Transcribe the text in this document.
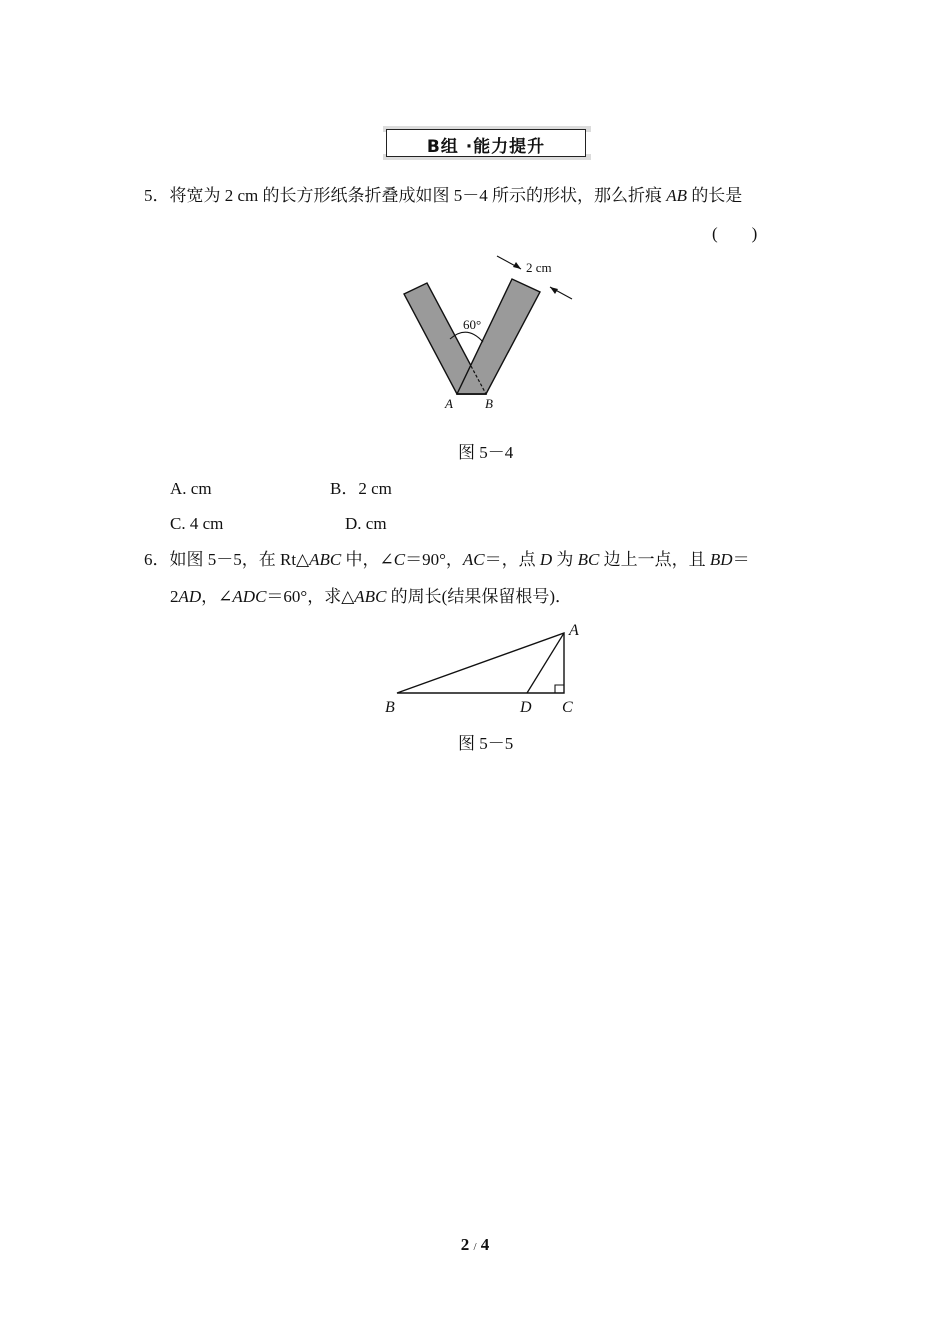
B组 ·能力提升
5．将宽为 2 cm 的长方形纸条折叠成如图 5－4 所示的形状，那么折痕 AB 的长是
(　　)
2 cm
60°
A B
图 5－4
A. cm	B．2 cm
C. 4 cm	D. cm
6．如图 5－5，在 Rt△ABC 中，∠C＝90°，AC＝，点 D 为 BC 边上一点，且 BD＝
2AD，∠ADC＝60°，求△ABC 的周长(结果保留根号)．
A
B	D C
图 5－5
2 / 4
